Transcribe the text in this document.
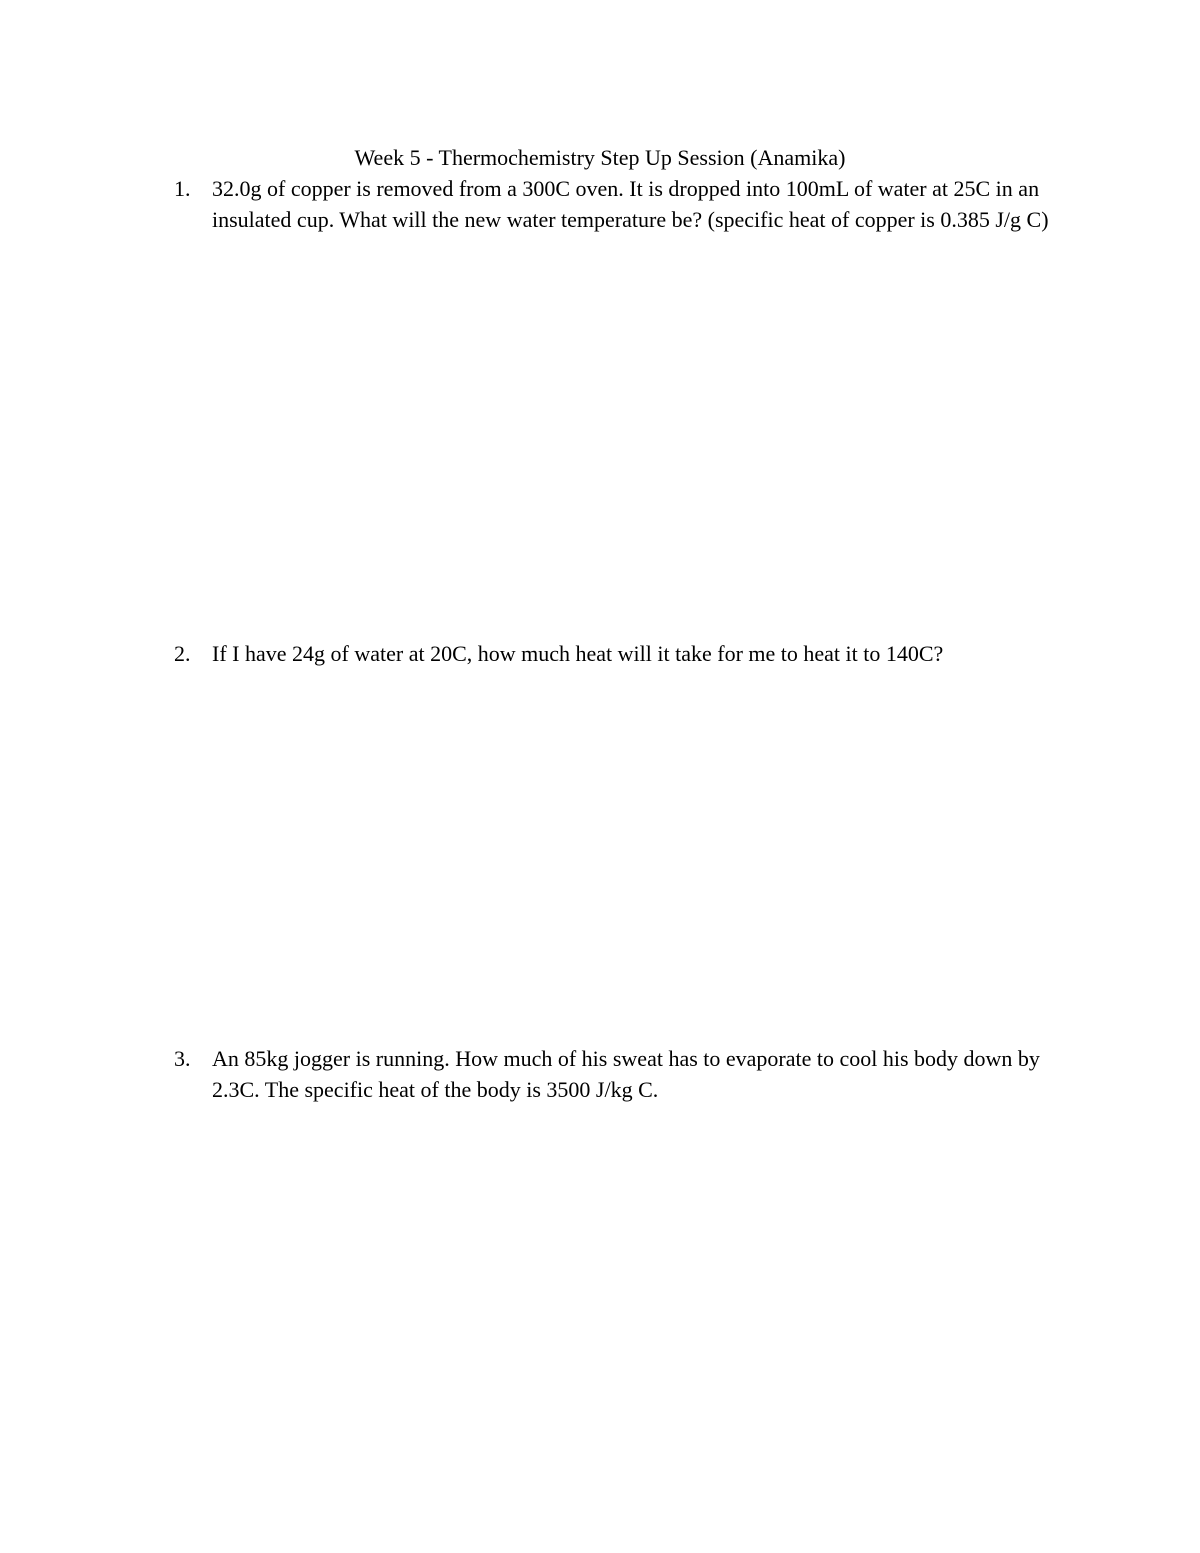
Week 5 - Thermochemistry Step Up Session (Anamika)
1. 32.0g of copper is removed from a 300C oven. It is dropped into 100mL of water at 25C in an insulated cup. What will the new water temperature be? (specific heat of copper is 0.385 J/g C)
2. If I have 24g of water at 20C, how much heat will it take for me to heat it to 140C?
3. An 85kg jogger is running. How much of his sweat has to evaporate to cool his body down by 2.3C. The specific heat of the body is 3500 J/kg C.
